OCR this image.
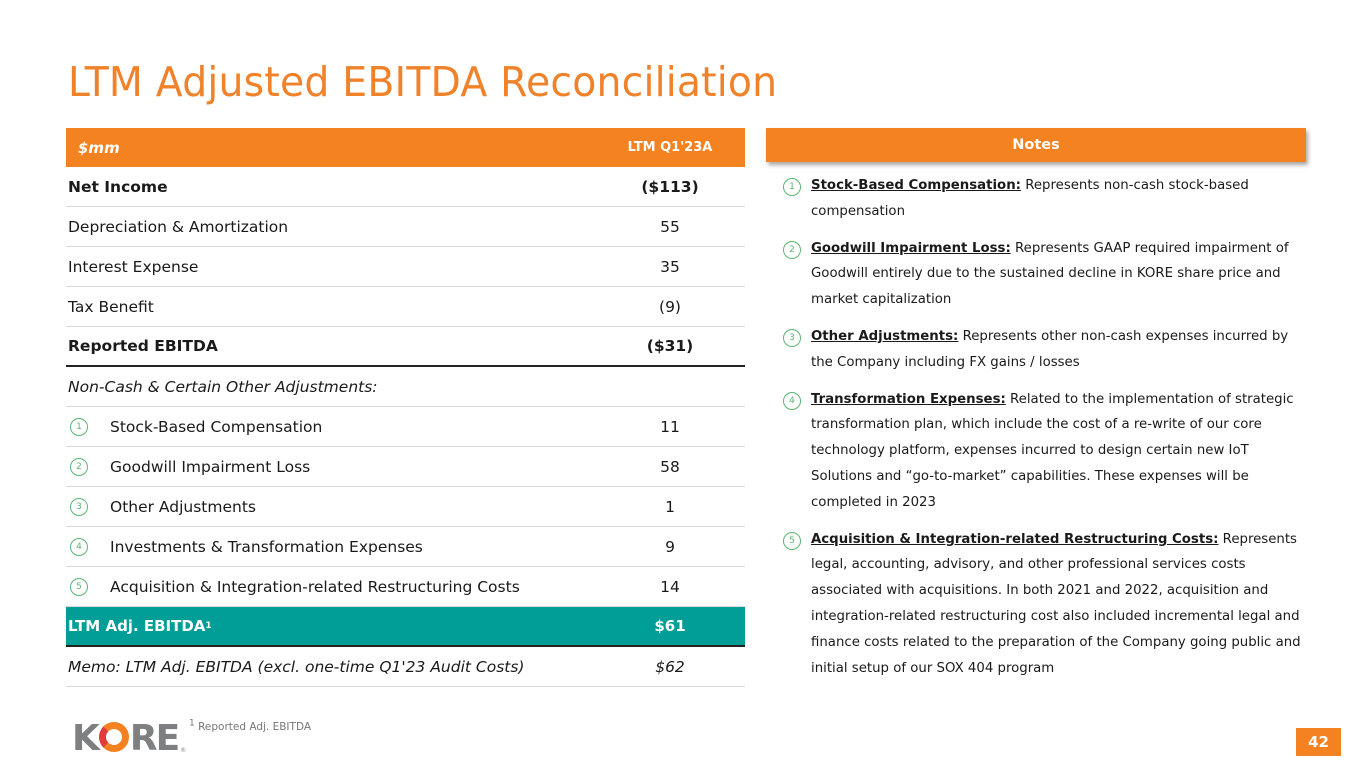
LTM Adjusted EBITDA Reconciliation
$mm	LTM Q1'23A
Net Income	($113)
Depreciation & Amortization	55
Interest Expense	35
Tax Benefit	(9)
Reported EBITDA	($31)
Non-Cash & Certain Other Adjustments:
1	Stock-Based Compensation	11
2	Goodwill Impairment Loss	58
3	Other Adjustments	1
4	Investments & Transformation Expenses	9
5	Acquisition & Integration-related Restructuring Costs	14
LTM Adj. EBITDA 1	$61
Memo: LTM Adj. EBITDA (excl. one-time Q1'23 Audit Costs)	$62
Notes
1	Stock-Based Compensation: Represents non-cash stock-based compensation

2	Goodwill Impairment Loss: Represents GAAP required impairment of Goodwill entirely due to the sustained decline in KORE share price and market capitalization

3	Other Adjustments: Represents other non-cash expenses incurred by the Company including FX gains / losses

4	Transformation Expenses: Related to the implementation of strategic transformation plan, which include the cost of a re-write of our core technology platform, expenses incurred to design certain new IoT Solutions and “go-to-market” capabilities. These expenses will be completed in 2023

5	Acquisition & Integration-related Restructuring Costs: Represents legal, accounting, advisory, and other professional services costs associated with acquisitions. In both 2021 and 2022, acquisition and integration-related restructuring cost also included incremental legal and finance costs related to the preparation of the Company going public and initial setup of our SOX 404 program

K RE ®
$^1$ Reported Adj. EBITDA
42
